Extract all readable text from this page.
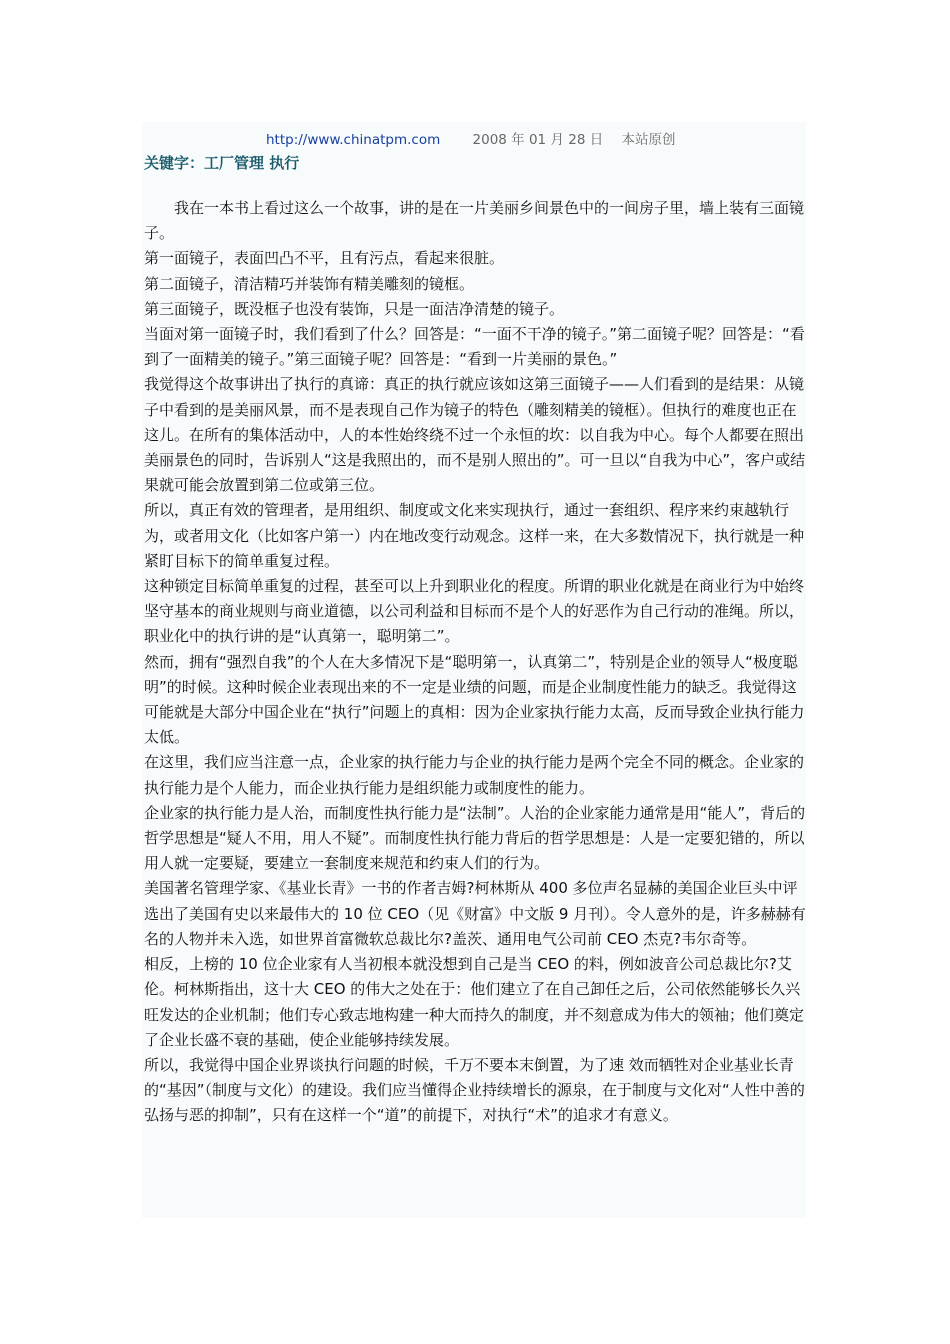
http://www.chinatpm.com 2008 年 01 月 28 日 本站原创
关键字：工厂管理 执行

我在一本书上看过这么一个故事，讲的是在一片美丽乡间景色中的一间房子里，墙上装有三面镜子。

第一面镜子，表面凹凸不平，且有污点，看起来很脏。

第二面镜子，清洁精巧并装饰有精美雕刻的镜框。

第三面镜子，既没框子也没有装饰，只是一面洁净清楚的镜子。

当面对第一面镜子时，我们看到了什么？回答是：“一面不干净的镜子。”第二面镜子呢？回答是：“看到了一面精美的镜子。”第三面镜子呢？回答是：“看到一片美丽的景色。”

我觉得这个故事讲出了执行的真谛：真正的执行就应该如这第三面镜子——人们看到的是结果：从镜子中看到的是美丽风景，而不是表现自己作为镜子的特色（雕刻精美的镜框）。但执行的难度也正在这儿。在所有的集体活动中，人的本性始终绕不过一个永恒的坎：以自我为中心。每个人都要在照出美丽景色的同时，告诉别人“这是我照出的，而不是别人照出的”。可一旦以“自我为中心”，客户或结果就可能会放置到第二位或第三位。

所以，真正有效的管理者，是用组织、制度或文化来实现执行，通过一套组织、程序来约束越轨行为，或者用文化（比如客户第一）内在地改变行动观念。这样一来，在大多数情况下，执行就是一种紧盯目标下的简单重复过程。

这种锁定目标简单重复的过程，甚至可以上升到职业化的程度。所谓的职业化就是在商业行为中始终坚守基本的商业规则与商业道德，以公司利益和目标而不是个人的好恶作为自己行动的准绳。所以，职业化中的执行讲的是“认真第一，聪明第二”。

然而，拥有“强烈自我”的个人在大多情况下是“聪明第一，认真第二”，特别是企业的领导人“极度聪明”的时候。这种时候企业表现出来的不一定是业绩的问题，而是企业制度性能力的缺乏。我觉得这可能就是大部分中国企业在“执行”问题上的真相：因为企业家执行能力太高，反而导致企业执行能力太低。

在这里，我们应当注意一点，企业家的执行能力与企业的执行能力是两个完全不同的概念。企业家的执行能力是个人能力，而企业执行能力是组织能力或制度性的能力。

企业家的执行能力是人治，而制度性执行能力是“法制”。人治的企业家能力通常是用“能人”，背后的哲学思想是“疑人不用，用人不疑”。而制度性执行能力背后的哲学思想是：人是一定要犯错的，所以用人就一定要疑，要建立一套制度来规范和约束人们的行为。

美国著名管理学家、《基业长青》一书的作者吉姆?柯林斯从 400 多位声名显赫的美国企业巨头中评选出了美国有史以来最伟大的 10 位 CEO（见《财富》中文版 9 月刊）。令人意外的是，许多赫赫有名的人物并未入选，如世界首富微软总裁比尔?盖茨、通用电气公司前 CEO 杰克?韦尔奇等。

相反，上榜的 10 位企业家有人当初根本就没想到自己是当 CEO 的料，例如波音公司总裁比尔?艾伦。柯林斯指出，这十大 CEO 的伟大之处在于：他们建立了在自己卸任之后，公司依然能够长久兴旺发达的企业机制；他们专心致志地构建一种大而持久的制度，并不刻意成为伟大的领袖；他们奠定了企业长盛不衰的基础，使企业能够持续发展。

所以，我觉得中国企业界谈执行问题的时候，千万不要本末倒置，为了速 效而牺牲对企业基业长青的“基因”（制度与文化）的建设。我们应当懂得企业持续增长的源泉，在于制度与文化对“人性中善的弘扬与恶的抑制”，只有在这样一个“道”的前提下，对执行“术”的追求才有意义。
